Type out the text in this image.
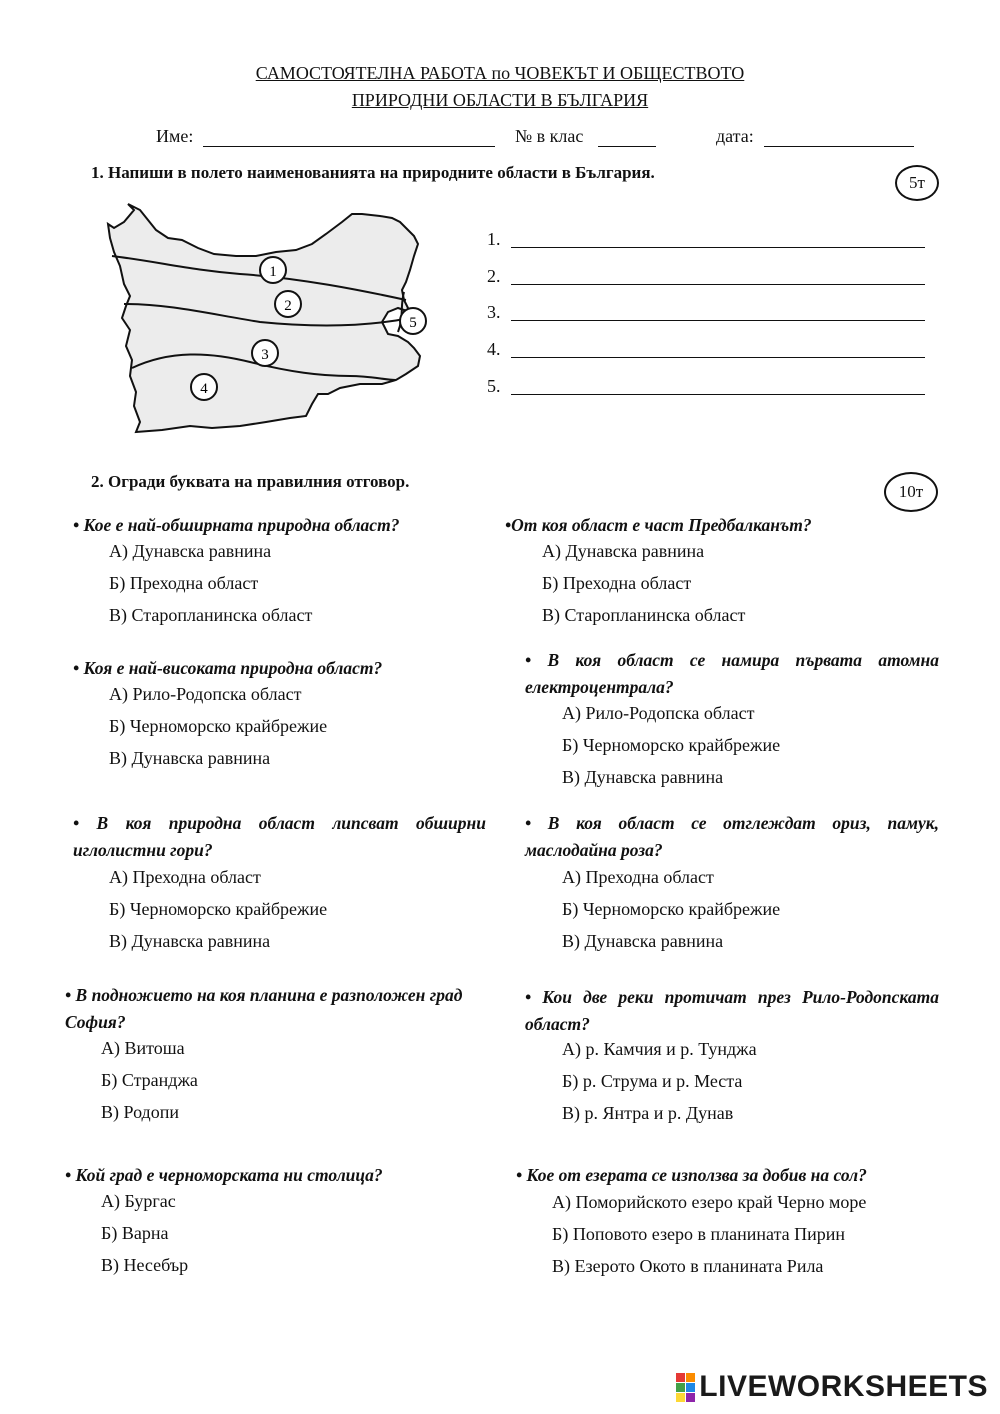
САМОСТОЯТЕЛНА РАБОТА по ЧОВЕКЪТ И ОБЩЕСТВОТО
ПРИРОДНИ ОБЛАСТИ В БЪЛГАРИЯ
Име:	№ в клас	дата:
1. Напиши в полето наименованията на природните области в България.
5т
1
2
3
4
5
1.
2.
3.
4.
5.
2. Огради буквата на правилния отговор.
10т
• Кое е най-обширната природна област?
А) Дунавска равнина
Б) Преходна област
В) Старопланинска област
•От коя област е част Предбалканът?
А) Дунавска равнина
Б) Преходна област
В) Старопланинска област
• Коя е най-високата природна област?
А) Рило-Родопска област
Б) Черноморско крайбрежие
В) Дунавска равнина
• В коя област се намира първата атомна електроцентрала?
А) Рило-Родопска област
Б) Черноморско крайбрежие
В) Дунавска равнина
• В коя природна област липсват обширни иглолистни гори?
А) Преходна област
Б) Черноморско крайбрежие
В) Дунавска равнина
• В коя област се отглеждат ориз, памук, маслодайна роза?
А) Преходна област
Б) Черноморско крайбрежие
В) Дунавска равнина
• В подножието на коя планина е разположен град София?
А) Витоша
Б) Странджа
В) Родопи
• Кои две реки протичат през Рило-Родопската област?
А) р. Камчия и р. Тунджа
Б) р. Струма и р. Места
В) р. Янтра и р. Дунав
• Кой град е черноморската ни столица?
А) Бургас
Б) Варна
В) Несебър
• Кое от езерата се използва за добив на сол?
А) Поморийското езеро край Черно море
Б) Поповото езеро в планината Пирин
В) Езерото Окото в планината Рила
LIVEWORKSHEETS
